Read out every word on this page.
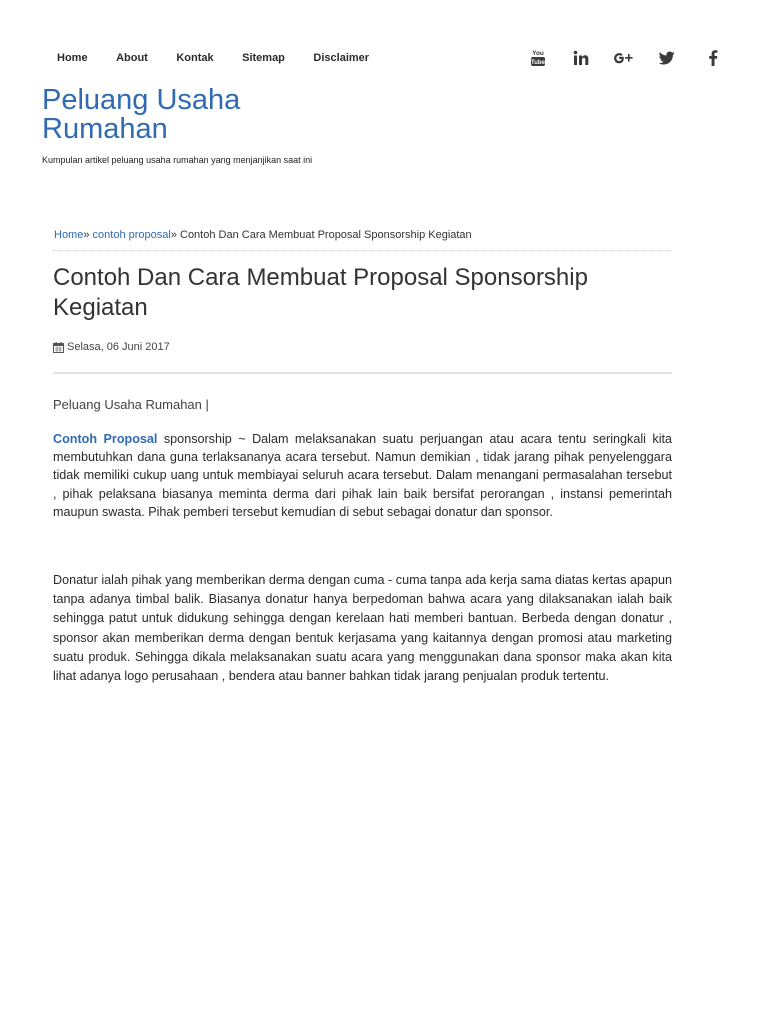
Home	About	Kontak	Sitemap	Disclaimer	You
Tube
Peluang Usaha Rumahan
Kumpulan artikel peluang usaha rumahan yang menjanjikan saat ini
Home» contoh proposal» Contoh Dan Cara Membuat Proposal Sponsorship Kegiatan
Contoh Dan Cara Membuat Proposal Sponsorship Kegiatan
Selasa, 06 Juni 2017
Peluang Usaha Rumahan |

Contoh Proposal sponsorship ~ Dalam melaksanakan suatu perjuangan atau acara tentu seringkali kita membutuhkan dana guna terlaksananya acara tersebut. Namun demikian , tidak jarang pihak penyelenggara tidak memiliki cukup uang untuk membiayai seluruh acara tersebut. Dalam menangani permasalahan tersebut , pihak pelaksana biasanya meminta derma dari pihak lain baik bersifat perorangan , instansi pemerintah maupun swasta. Pihak pemberi tersebut kemudian di sebut sebagai donatur dan sponsor.

Donatur ialah pihak yang memberikan derma dengan cuma - cuma tanpa ada kerja sama diatas kertas apapun tanpa adanya timbal balik. Biasanya donatur hanya berpedoman bahwa acara yang dilaksanakan ialah baik sehingga patut untuk didukung sehingga dengan kerelaan hati memberi bantuan. Berbeda dengan donatur , sponsor akan memberikan derma dengan bentuk kerjasama yang kaitannya dengan promosi atau marketing suatu produk. Sehingga dikala melaksanakan suatu acara yang menggunakan dana sponsor maka akan kita lihat adanya logo perusahaan , bendera atau banner bahkan tidak jarang penjualan produk tertentu.
